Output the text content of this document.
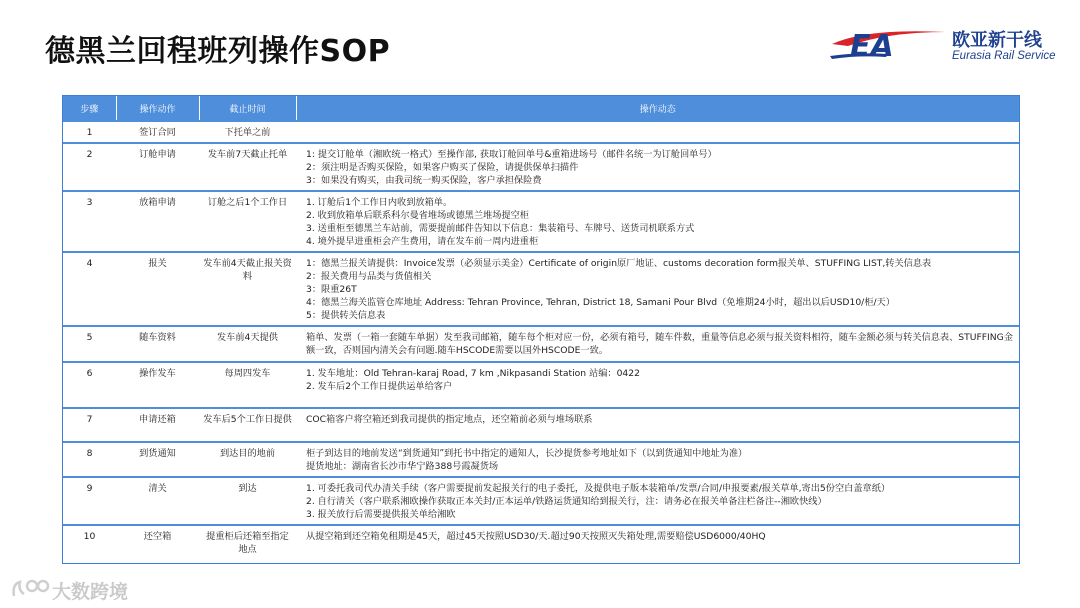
德黑兰回程班列操作SOP	EA	欧亚新干线
Eurasia Rail Service
步骤	操作动作	截止时间	操作动态
1	签订合同	下托单之前	

2	订舱申请	发车前7天截止托单	1: 提交订舱单（湘欧统一格式）至操作部, 获取订舱回单号&重箱进场号（邮件名统一为订舱回单号）
2：须注明是否购买保险，如果客户购买了保险，请提供保单扫描件
3：如果没有购买，由我司统一购买保险，客户承担保险费

3	放箱申请	订舱之后1个工作日	1. 订舱后1个工作日内收到放箱单。
2. 收到放箱单后联系科尔曼省堆场或德黑兰堆场提空柜
3. 送重柜至德黑兰车站前，需要提前邮件告知以下信息：集装箱号、车牌号、送货司机联系方式
4. 境外提早进重柜会产生费用，请在发车前一周内进重柜

4	报关	发车前4天截止报关资料	1：德黑兰报关请提供：Invoice发票（必须显示美金）Certificate of origin原厂地证、customs decoration form报关单、STUFFING LIST,转关信息表
2：报关费用与品类与货值相关
3：限重26T
4：德黑兰海关监管仓库地址 Address: Tehran Province, Tehran, District 18, Samani Pour Blvd（免堆期24小时，超出以后USD10/柜/天）
5：提供转关信息表

5	随车资料	发车前4天提供	箱单、发票（一箱一套随车单据）发至我司邮箱，随车每个柜对应一份，必须有箱号，随车件数，重量等信息必须与报关资料相符，随车金额必须与转关信息表、STUFFING金额一致，否则国内清关会有问题.随车HSCODE需要以国外HSCODE一致。

6	操作发车	每周四发车	1. 发车地址：Old Tehran-karaj Road, 7 km ,Nikpasandi Station 站编：0422
2. 发车后2个工作日提供运单给客户

7	申请还箱	发车后5个工作日提供	COC箱客户将空箱还到我司提供的指定地点，还空箱前必须与堆场联系

8	到货通知	到达目的地前	柜子到达目的地前发送“到货通知”到托书中指定的通知人，长沙提货参考地址如下（以到货通知中地址为准）
提货地址：湖南省长沙市华宁路388号霞凝货场

9	清关	到达	1. 可委托我司代办清关手续（客户需要提前发起报关行的电子委托，及提供电子版本装箱单/发票/合同/申报要素/报关草单,寄出5份空白盖章纸）
2. 自行清关（客户联系湘欧操作获取正本关封/正本运单/铁路运货通知给到报关行，注：请务必在报关单备注栏备注--湘欧快线）
3. 报关放行后需要提供报关单给湘欧

10	还空箱	提重柜后还箱至指定地点	从提空箱到还空箱免租期是45天，超过45天按照USD30/天.超过90天按照灭失箱处理,需要赔偿USD6000/40HQ
大数跨境
